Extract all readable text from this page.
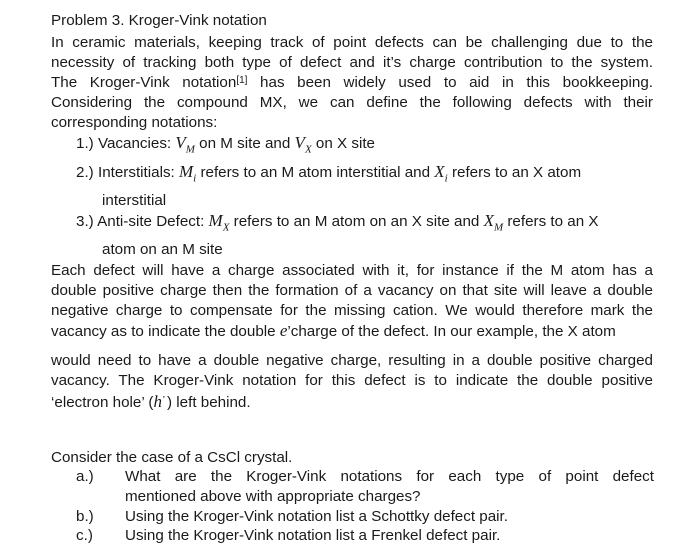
Problem 3. Kroger-Vink notation
In ceramic materials, keeping track of point defects can be challenging due to the
necessity of tracking both type of defect and it’s charge contribution to the system.
The Kroger-Vink notation[1] has been widely used to aid in this bookkeeping.
Considering the compound MX, we can define the following defects with their
corresponding notations:
1.) Vacancies: $V_M$ on M site and $V_X$ on X site
2.) Interstitials: $M_i$ refers to an M atom interstitial and $X_i$ refers to an X atom
interstitial
3.) Anti-site Defect: $M_X$ refers to an M atom on an X site and $X_M$ refers to an X
atom on an M site
Each defect will have a charge associated with it, for instance if the M atom has a
double positive charge then the formation of a vacancy on that site will leave a double
negative charge to compensate for the missing cation. We would therefore mark the
vacancy as to indicate the double e’charge of the defect. In our example, the X atom
would need to have a double negative charge, resulting in a double positive charged
vacancy. The Kroger-Vink notation for this defect is to indicate the double positive
‘electron hole’ (h˙) left behind.
Consider the case of a CsCl crystal.
a.) What are the Kroger-Vink notations for each type of point defect
mentioned above with appropriate charges?
b.) Using the Kroger-Vink notation list a Schottky defect pair.
c.) Using the Kroger-Vink notation list a Frenkel defect pair.
